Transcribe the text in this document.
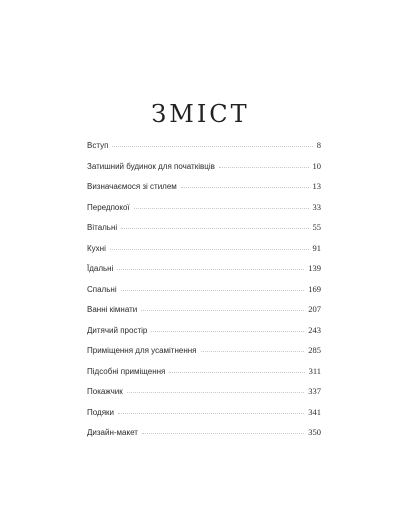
ЗМІСТ
Вступ	8
Затишний будинок для початківців	10
Визначаємося зі стилем	13
Передпокої	33
Вітальні	55
Кухні	91
Їдальні	139
Спальні	169
Ванні кімнати	207
Дитячий простір	243
Приміщення для усамітнення	285
Підсобні приміщення	311
Покажчик	337
Подяки	341
Дизайн-макет	350
